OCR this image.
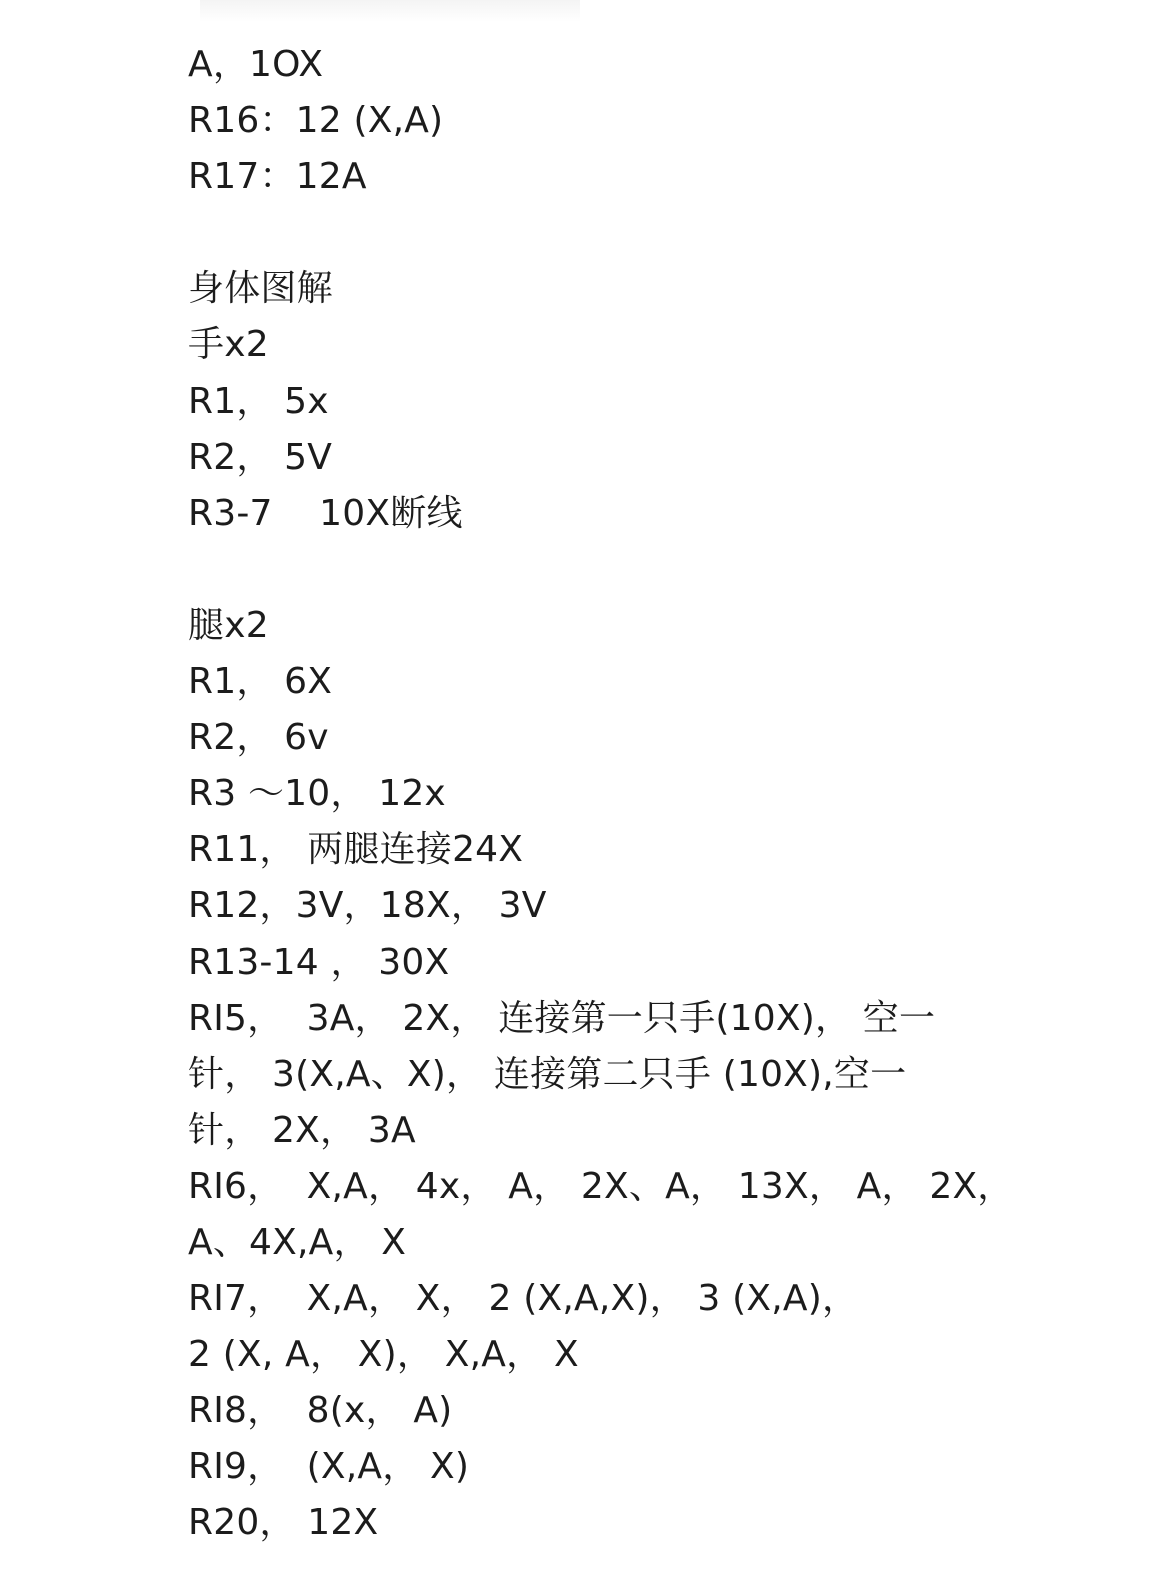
A，1OX
R16：12 (X,A)
R17：12A
身体图解
手x2
R1， 5x
R2， 5V
R3-7    10X断线
腿x2
R1， 6X
R2， 6v
R3 ～10， 12x
R11， 两腿连接24X
R12，3V，18X， 3V
R13-14 ， 30X
RI5，  3A， 2X， 连接第一只手(10X)， 空一
针， 3(X,A、X)， 连接第二只手 (10X),空一
针， 2X， 3A
RI6，  X,A， 4x， A， 2X、A， 13X， A， 2X，
A、4X,A， X
RI7，  X,A， X， 2 (X,A,X)， 3 (X,A)，
2 (X, A， X)， X,A， X
RI8，  8(x， A)
RI9，  (X,A， X)
R20， 12X
